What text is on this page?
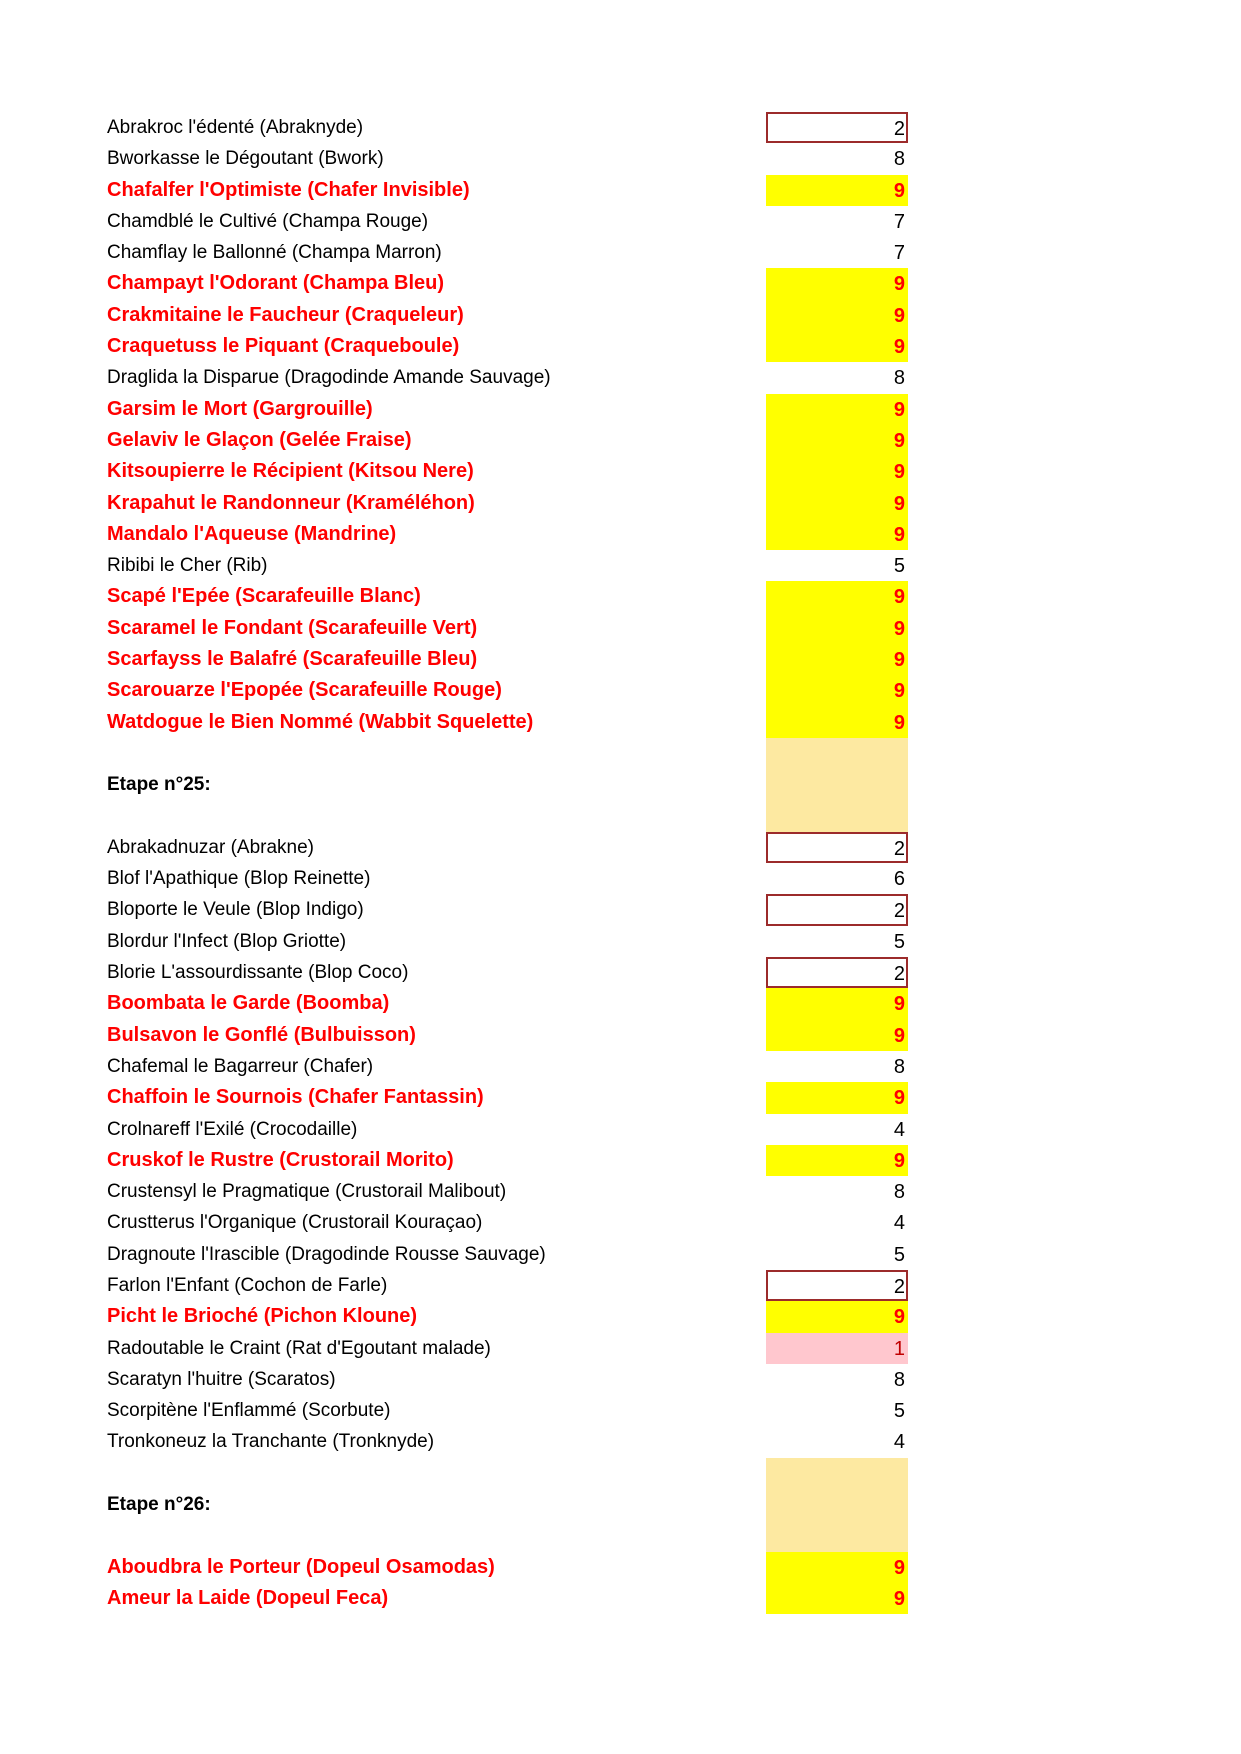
Abrakroc l'édenté (Abraknyde)	2
Bworkasse le Dégoutant (Bwork)	8
Chafalfer l'Optimiste (Chafer Invisible)	9
Chamdblé le Cultivé (Champa Rouge)	7
Chamflay le Ballonné (Champa Marron)	7
Champayt l'Odorant (Champa Bleu)	9
Crakmitaine le Faucheur (Craqueleur)	9
Craquetuss le Piquant (Craqueboule)	9
Draglida la Disparue (Dragodinde Amande Sauvage)	8
Garsim le Mort (Gargrouille)	9
Gelaviv le Glaçon (Gelée Fraise)	9
Kitsoupierre le Récipient (Kitsou Nere)	9
Krapahut le Randonneur (Kraméléhon)	9
Mandalo l'Aqueuse (Mandrine)	9
Ribibi le Cher (Rib)	5
Scapé l'Epée (Scarafeuille Blanc)	9
Scaramel le Fondant (Scarafeuille Vert)	9
Scarfayss le Balafré (Scarafeuille Bleu)	9
Scarouarze l'Epopée (Scarafeuille Rouge)	9
Watdogue le Bien Nommé (Wabbit Squelette)	9
Etape n°25:
Abrakadnuzar (Abrakne)	2
Blof l'Apathique (Blop Reinette)	6
Bloporte le Veule (Blop Indigo)	2
Blordur l'Infect (Blop Griotte)	5
Blorie L'assourdissante (Blop Coco)	2
Boombata le Garde (Boomba)	9
Bulsavon le Gonflé (Bulbuisson)	9
Chafemal le Bagarreur (Chafer)	8
Chaffoin le Sournois (Chafer Fantassin)	9
Crolnareff l'Exilé (Crocodaille)	4
Cruskof le Rustre (Crustorail Morito)	9
Crustensyl le Pragmatique (Crustorail Malibout)	8
Crustterus l'Organique (Crustorail Kouraçao)	4
Dragnoute l'Irascible (Dragodinde Rousse Sauvage)	5
Farlon l'Enfant (Cochon de Farle)	2
Picht le Brioché (Pichon Kloune)	9
Radoutable le Craint (Rat d'Egoutant malade)	1
Scaratyn l'huitre (Scaratos)	8
Scorpitène l'Enflammé (Scorbute)	5
Tronkoneuz la Tranchante (Tronknyde)	4
Etape n°26:
Aboudbra le Porteur (Dopeul Osamodas)	9
Ameur la Laide (Dopeul Feca)	9
